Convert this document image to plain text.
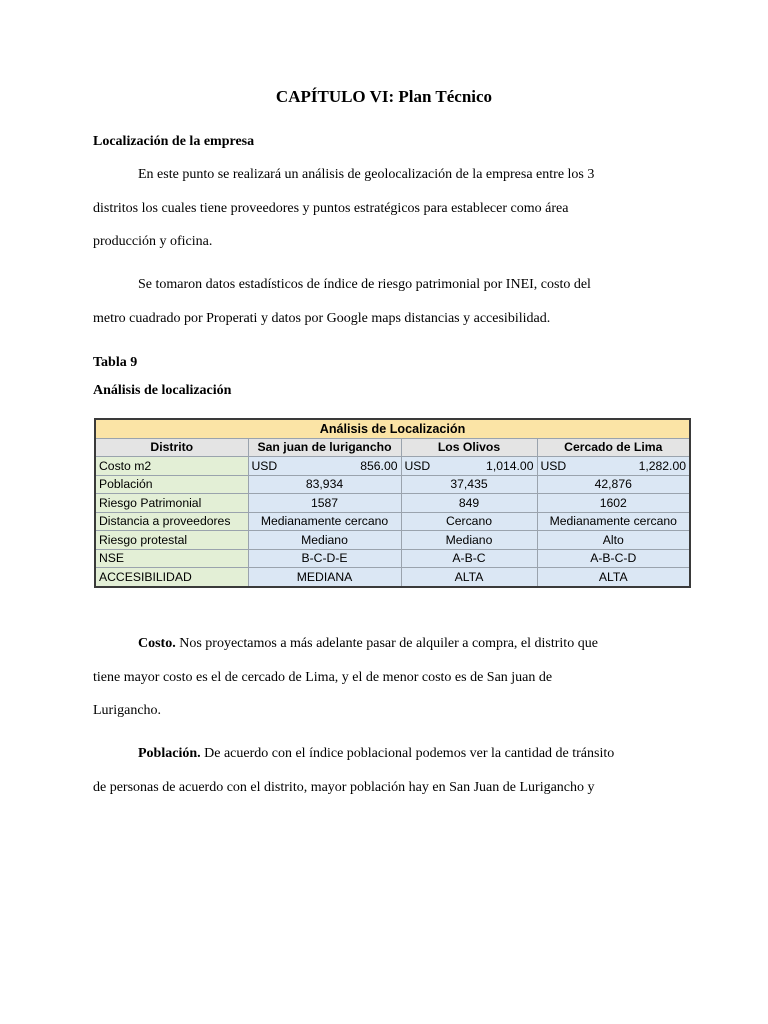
CAPÍTULO VI: Plan Técnico
Localización de la empresa
En este punto se realizará un análisis de geolocalización de la empresa entre los 3
distritos los cuales tiene proveedores y puntos estratégicos para establecer como área
producción y oficina.
Se tomaron datos estadísticos de índice de riesgo patrimonial por INEI, costo del
metro cuadrado por Properati y datos por Google maps distancias y accesibilidad.
Tabla 9
Análisis de localización
Análisis de Localización			
Distrito	San juan de lurigancho	Los Olivos	Cercado de Lima
Costo m2	USD 856.00	USD 1,014.00	USD 1,282.00

Población	83,934	37,435	42,876
Riesgo Patrimonial	1587	849	1602
Distancia a proveedores	Medianamente cercano	Cercano	Medianamente cercano
Riesgo protestal	Mediano	Mediano	Alto
NSE	B-C-D-E	A-B-C	A-B-C-D
ACCESIBILIDAD	MEDIANA	ALTA	ALTA
Costo. Nos proyectamos a más adelante pasar de alquiler a compra, el distrito que
tiene mayor costo es el de cercado de Lima, y el de menor costo es de San juan de
Lurigancho.
Población. De acuerdo con el índice poblacional podemos ver la cantidad de tránsito
de personas de acuerdo con el distrito, mayor población hay en San Juan de Lurigancho y
